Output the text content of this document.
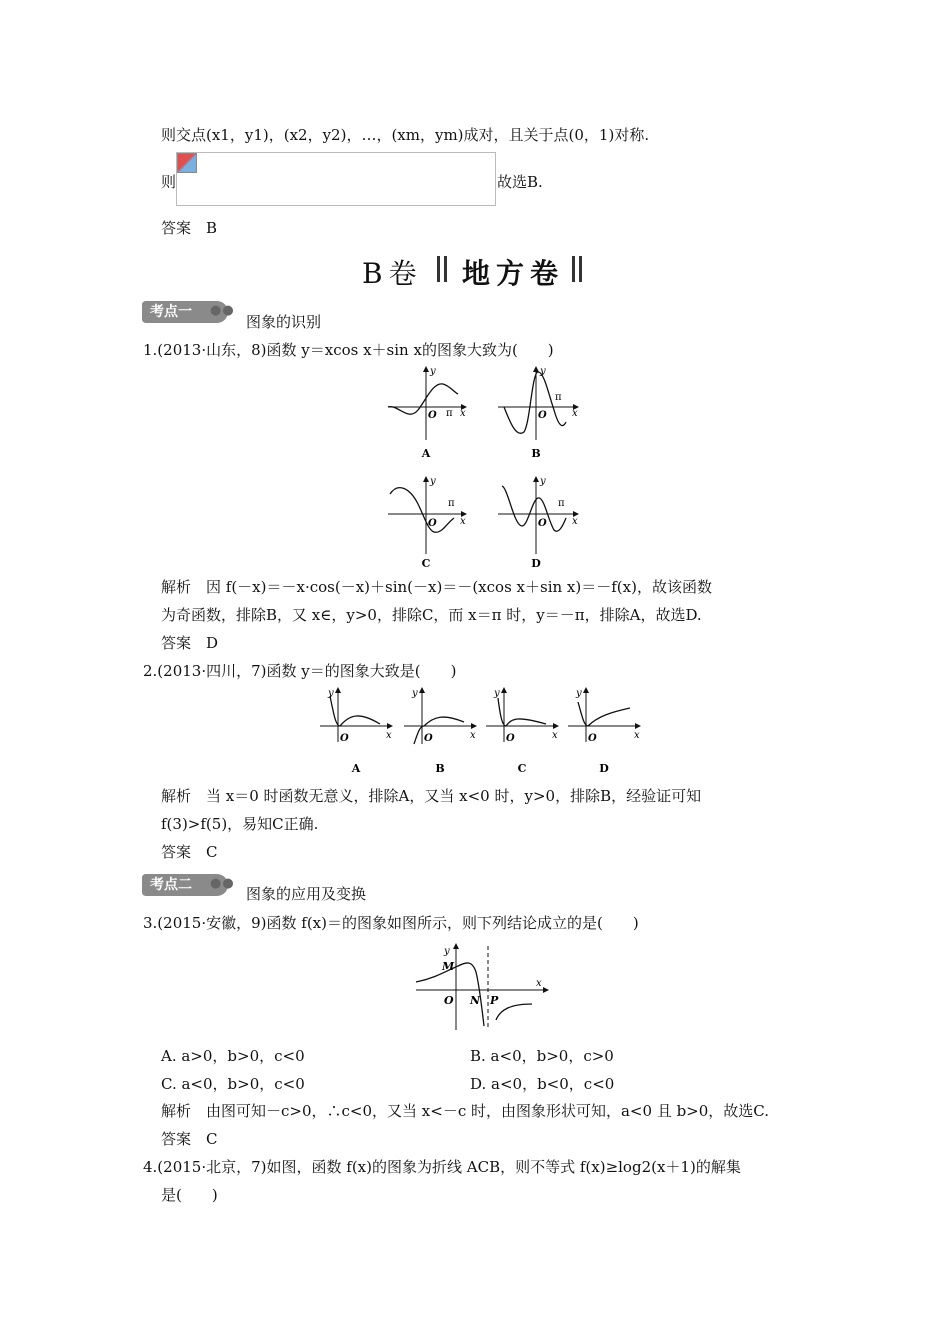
则交点(x1，y1)，(x2，y2)，…，(xm，ym)成对，且关于点(0，1)对称.
则	故选B.
答案　B
B卷 地方卷
考点一	●●
图象的识别
1.(2013·山东，8)函数 y＝xcos x＋sin x的图象大致为(　　)
O π x
y
A
O
π
x
y
B
O
π
x
y
C
O
π
x
y
D
解析　因 f(－x)＝－x·cos(－x)＋sin(－x)＝－(xcos x＋sin x)＝－f(x)，故该函数
为奇函数，排除B，又 x∈，y>0，排除C，而 x＝π 时，y＝－π，排除A，故选D.
答案　D
2.(2013·四川，7)函数 y＝的图象大致是(　　)
O	x
y
A
O	x
y
B
O	x
y
C
O	x
y
D
解析　当 x＝0 时函数无意义，排除A，又当 x<0 时，y>0，排除B，经验证可知
f(3)>f(5)，易知C正确.
答案　C
考点二	●●
图象的应用及变换
3.(2015·安徽，9)函数 f(x)＝的图象如图所示，则下列结论成立的是(　　)
M
O N P
x
y
A. a>0，b>0，c<0	B. a<0，b>0，c>0
C. a<0，b>0，c<0	D. a<0，b<0，c<0
解析　由图可知－c>0，∴c<0，又当 x<－c 时，由图象形状可知，a<0 且 b>0，故选C.
答案　C
4.(2015·北京，7)如图，函数 f(x)的图象为折线 ACB，则不等式 f(x)≥log2(x＋1)的解集
是(　　)
